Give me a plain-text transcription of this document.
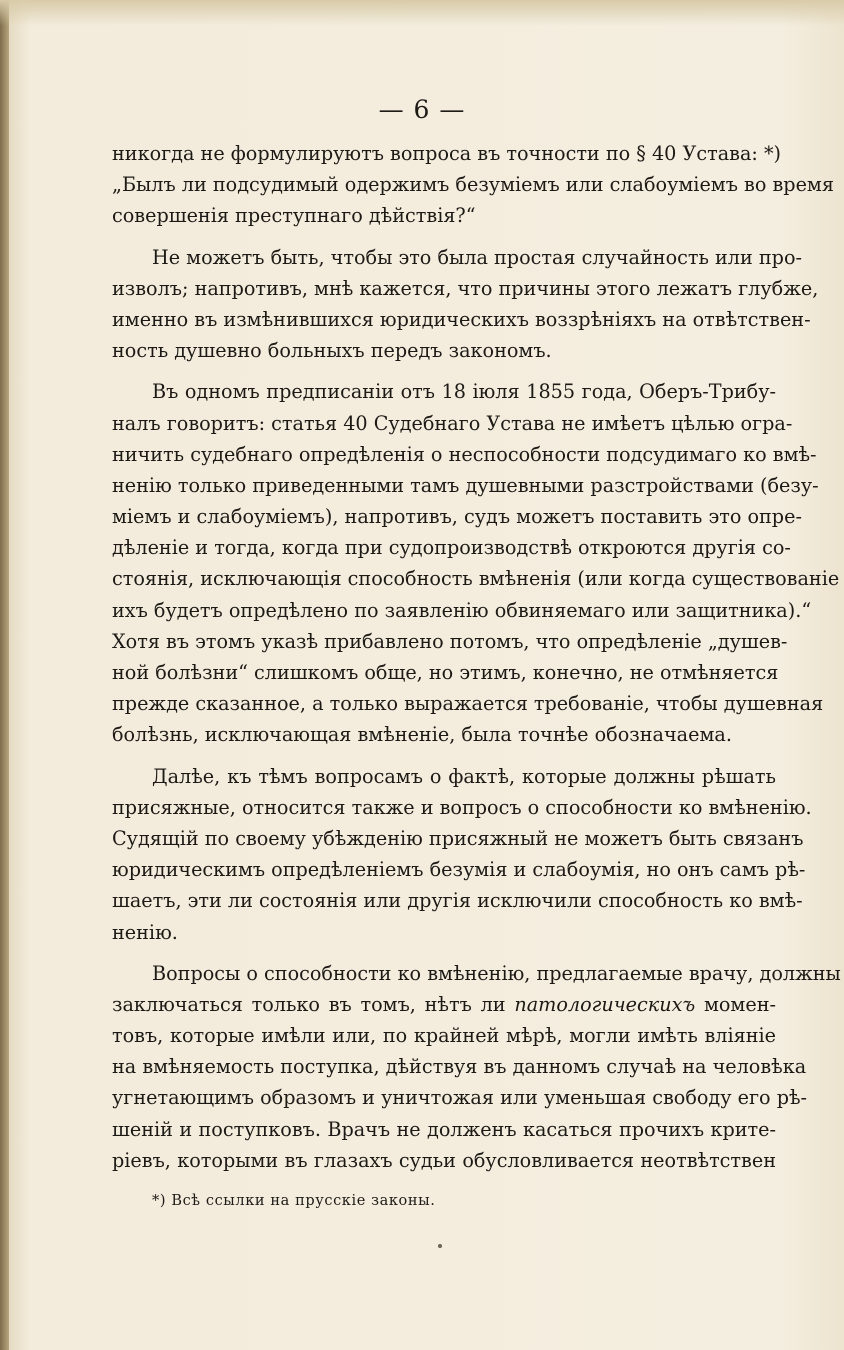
— 6 —
никогда не формулируютъ вопроса въ точности по § 40 Устава: *)
„Былъ ли подсудимый одержимъ безуміемъ или слабоуміемъ во время
совершенія преступнаго дѣйствія?“
Не можетъ быть, чтобы это была простая случайность или про-
изволъ; напротивъ, мнѣ кажется, что причины этого лежатъ глубже,
именно въ измѣнившихся юридическихъ воззрѣніяхъ на отвѣтствен-
ность душевно больныхъ передъ закономъ.
Въ одномъ предписаніи отъ 18 іюля 1855 года, Оберъ-Трибу-
налъ говоритъ: статья 40 Судебнаго Устава не имѣетъ цѣлью огра-
ничить судебнаго опредѣленія о неспособности подсудимаго ко вмѣ-
ненію только приведенными тамъ душевными разстройствами (безу-
міемъ и слабоуміемъ), напротивъ, судъ можетъ поставить это опре-
дѣленіе и тогда, когда при судопроизводствѣ откроются другія со-
стоянія, исключающія способность вмѣненія (или когда существованіе
ихъ будетъ опредѣлено по заявленію обвиняемаго или защитника).“
Хотя въ этомъ указѣ прибавлено потомъ, что опредѣленіе „душев-
ной болѣзни“ слишкомъ обще, но этимъ, конечно, не отмѣняется
прежде сказанное, а только выражается требованіе, чтобы душевная
болѣзнь, исключающая вмѣненіе, была точнѣе обозначаема.
Далѣе, къ тѣмъ вопросамъ о фактѣ, которые должны рѣшать
присяжные, относится также и вопросъ о способности ко вмѣненію.
Судящій по своему убѣжденію присяжный не можетъ быть связанъ
юридическимъ опредѣленіемъ безумія и слабоумія, но онъ самъ рѣ-
шаетъ, эти ли состоянія или другія исключили способность ко вмѣ-
ненію.
Вопросы о способности ко вмѣненію, предлагаемые врачу, должны
заключаться только въ томъ, нѣтъ ли патологическихъ момен-
товъ, которые имѣли или, по крайней мѣрѣ, могли имѣть вліяніе
на вмѣняемость поступка, дѣйствуя въ данномъ случаѣ на человѣка
угнетающимъ образомъ и уничтожая или уменьшая свободу его рѣ-
шеній и поступковъ. Врачъ не долженъ касаться прочихъ крите-
ріевъ, которыми въ глазахъ судьи обусловливается неотвѣтствен
*) Всѣ ссылки на прусскіе законы.
